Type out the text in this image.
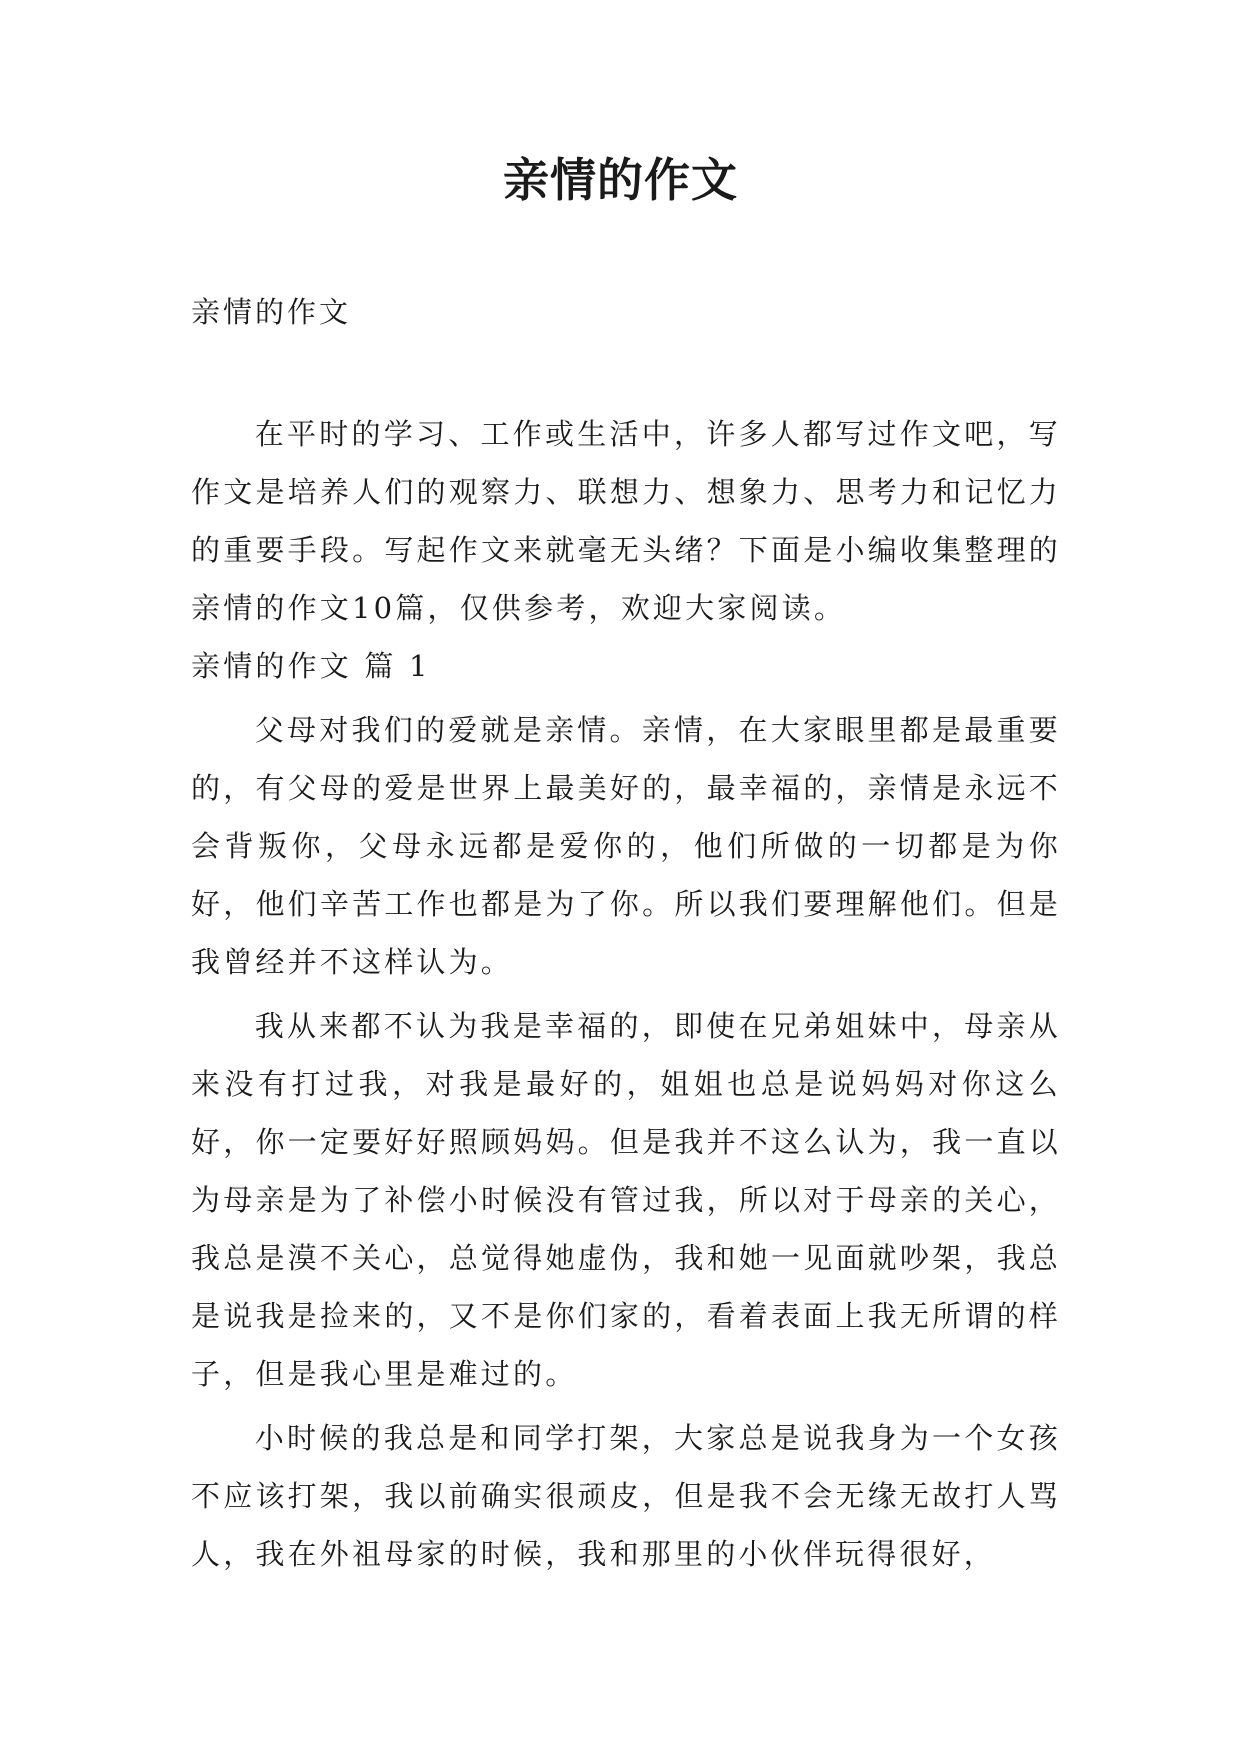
亲情的作文
亲情的作文

在平时的学习、工作或生活中，许多人都写过作文吧，写作文是培养人们的观察力、联想力、想象力、思考力和记忆力的重要手段。写起作文来就毫无头绪？下面是小编收集整理的亲情的作文10篇，仅供参考，欢迎大家阅读。

亲情的作文 篇 1

父母对我们的爱就是亲情。亲情，在大家眼里都是最重要的，有父母的爱是世界上最美好的，最幸福的，亲情是永远不会背叛你，父母永远都是爱你的，他们所做的一切都是为你好，他们辛苦工作也都是为了你。所以我们要理解他们。但是我曾经并不这样认为。

我从来都不认为我是幸福的，即使在兄弟姐妹中，母亲从来没有打过我，对我是最好的，姐姐也总是说妈妈对你这么好，你一定要好好照顾妈妈。但是我并不这么认为，我一直以为母亲是为了补偿小时候没有管过我，所以对于母亲的关心，我总是漠不关心，总觉得她虚伪，我和她一见面就吵架，我总是说我是捡来的，又不是你们家的，看着表面上我无所谓的样子，但是我心里是难过的。

小时候的我总是和同学打架，大家总是说我身为一个女孩不应该打架，我以前确实很顽皮，但是我不会无缘无故打人骂人，我在外祖母家的时候，我和那里的小伙伴玩得很好，
